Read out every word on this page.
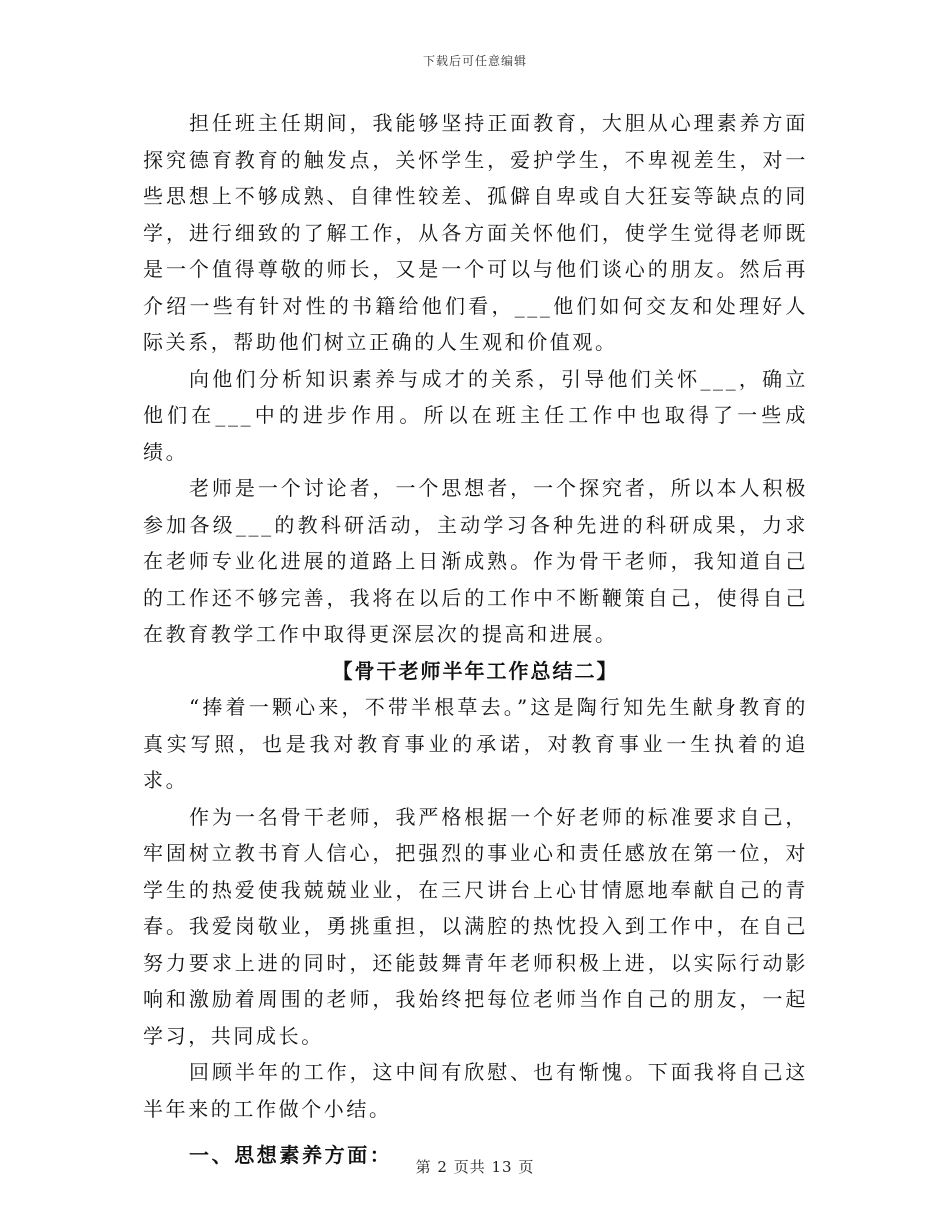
下载后可任意编辑

担任班主任期间，我能够坚持正面教育，大胆从心理素养方面探究德育教育的触发点，关怀学生，爱护学生，不卑视差生，对一些思想上不够成熟、自律性较差、孤僻自卑或自大狂妄等缺点的同学，进行细致的了解工作，从各方面关怀他们，使学生觉得老师既是一个值得尊敬的师长，又是一个可以与他们谈心的朋友。然后再介绍一些有针对性的书籍给他们看，___他们如何交友和处理好人际关系，帮助他们树立正确的人生观和价值观。

向他们分析知识素养与成才的关系，引导他们关怀___，确立他们在___中的进步作用。所以在班主任工作中也取得了一些成绩。

老师是一个讨论者，一个思想者，一个探究者，所以本人积极参加各级___的教科研活动，主动学习各种先进的科研成果，力求在老师专业化进展的道路上日渐成熟。作为骨干老师，我知道自己的工作还不够完善，我将在以后的工作中不断鞭策自己，使得自己在教育教学工作中取得更深层次的提高和进展。

【骨干老师半年工作总结二】

“捧着一颗心来，不带半根草去。”这是陶行知先生献身教育的真实写照，也是我对教育事业的承诺，对教育事业一生执着的追求。

作为一名骨干老师，我严格根据一个好老师的标准要求自己，牢固树立教书育人信心，把强烈的事业心和责任感放在第一位，对学生的热爱使我兢兢业业，在三尺讲台上心甘情愿地奉献自己的青春。我爱岗敬业，勇挑重担，以满腔的热忱投入到工作中，在自己努力要求上进的同时，还能鼓舞青年老师积极上进，以实际行动影响和激励着周围的老师，我始终把每位老师当作自己的朋友，一起学习，共同成长。

回顾半年的工作，这中间有欣慰、也有惭愧。下面我将自己这半年来的工作做个小结。

一、思想素养方面：	第 2 页共 13 页
